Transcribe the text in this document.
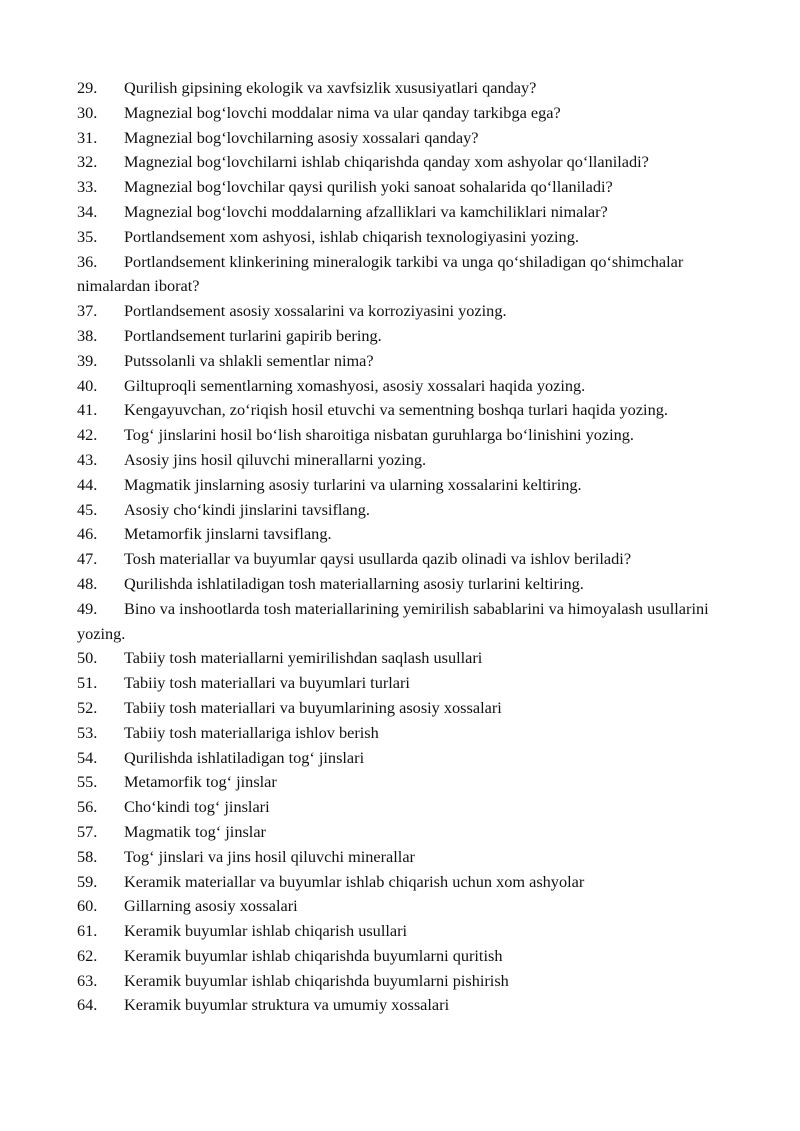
29. Qurilish gipsining ekologik va xavfsizlik xususiyatlari qanday?
30. Magnezial bog‘lovchi moddalar nima va ular qanday tarkibga ega?
31. Magnezial bog‘lovchilarning asosiy xossalari qanday?
32. Magnezial bog‘lovchilarni ishlab chiqarishda qanday xom ashyolar qo‘llaniladi?
33. Magnezial bog‘lovchilar qaysi qurilish yoki sanoat sohalarida qo‘llaniladi?
34. Magnezial bog‘lovchi moddalarning afzalliklari va kamchiliklari nimalar?
35. Portlandsement xom ashyosi, ishlab chiqarish texnologiyasini yozing.
36. Portlandsement klinkerining mineralogik tarkibi va unga qo‘shiladigan qo‘shimchalar nimalardan iborat?
37. Portlandsement asosiy xossalarini va korroziyasini yozing.
38. Portlandsement turlarini gapirib bering.
39. Putssolanli va shlakli sementlar nima?
40. Giltuproqli sementlarning xomashyosi, asosiy xossalari haqida yozing.
41. Kengayuvchan, zo‘riqish hosil etuvchi va sementning boshqa turlari haqida yozing.
42. Tog‘ jinslarini hosil bo‘lish sharoitiga nisbatan guruhlarga bo‘linishini yozing.
43. Asosiy jins hosil qiluvchi minerallarni yozing.
44. Magmatik jinslarning asosiy turlarini va ularning xossalarini keltiring.
45. Asosiy cho‘kindi jinslarini tavsiflang.
46. Metamorfik jinslarni tavsiflang.
47. Tosh materiallar va buyumlar qaysi usullarda qazib olinadi va ishlov beriladi?
48. Qurilishda ishlatiladigan tosh materiallarning asosiy turlarini keltiring.
49. Bino va inshootlarda tosh materiallarining yemirilish sabablarini va himoyalash usullarini yozing.
50. Tabiiy tosh materiallarni yemirilishdan saqlash usullari
51. Tabiiy tosh materiallari va buyumlari turlari
52. Tabiiy tosh materiallari va buyumlarining asosiy xossalari
53. Tabiiy tosh materiallariga ishlov berish
54. Qurilishda ishlatiladigan tog‘ jinslari
55. Metamorfik tog‘ jinslar
56. Cho‘kindi tog‘ jinslari
57. Magmatik tog‘ jinslar
58. Tog‘ jinslari va jins hosil qiluvchi minerallar
59. Keramik materiallar va buyumlar ishlab chiqarish uchun xom ashyolar
60. Gillarning asosiy xossalari
61. Keramik buyumlar ishlab chiqarish usullari
62. Keramik buyumlar ishlab chiqarishda buyumlarni quritish
63. Keramik buyumlar ishlab chiqarishda buyumlarni pishirish
64. Keramik buyumlar struktura va umumiy xossalari
